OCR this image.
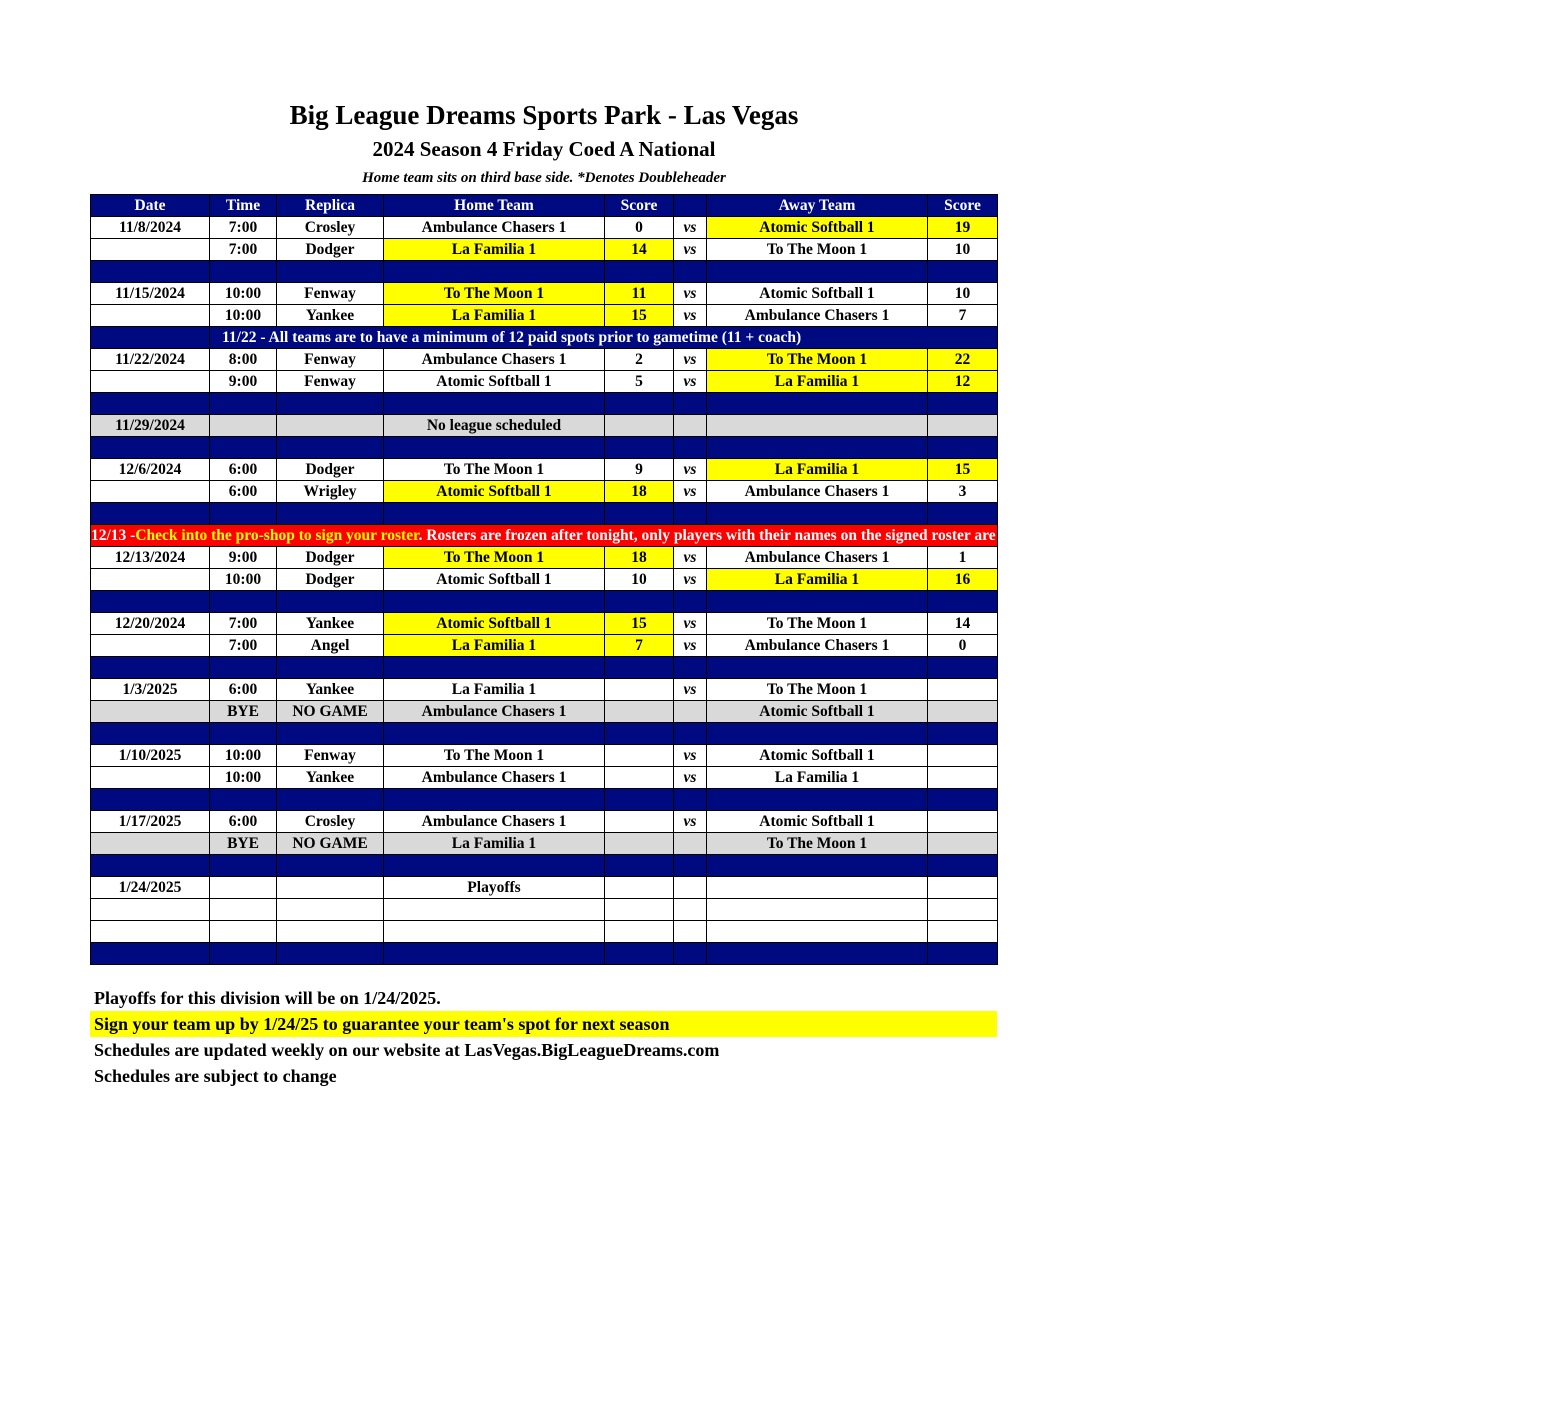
Big League Dreams Sports Park - Las Vegas
2024 Season 4 Friday Coed A National
Home team sits on third base side. *Denotes Doubleheader
Date	Time	Replica	Home Team	Score		Away Team	Score
11/8/2024	7:00	Crosley	Ambulance Chasers 1	0	vs	Atomic Softball 1	19
	7:00	Dodger	La Familia 1	14	vs	To The Moon 1	10

11/15/2024	10:00	Fenway	To The Moon 1	11	vs	Atomic Softball 1	10
	10:00	Yankee	La Familia 1	15	vs	Ambulance Chasers 1	7
	11/22 - All teams are to have a minimum of 12 paid spots prior to gametime (11 + coach)						
11/22/2024	8:00	Fenway	Ambulance Chasers 1	2	vs	To The Moon 1	22
	9:00	Fenway	Atomic Softball 1	5	vs	La Familia 1	12

11/29/2024			No league scheduled				

12/6/2024	6:00	Dodger	To The Moon 1	9	vs	La Familia 1	15
	6:00	Wrigley	Atomic Softball 1	18	vs	Ambulance Chasers 1	3

12/13 -Check into the pro-shop to sign your roster. Rosters are frozen after tonight, only players with their names on the signed roster are eligible for playoffs. Please check carefully as changes will not be made for omissions.							
12/13/2024	9:00	Dodger	To The Moon 1	18	vs	Ambulance Chasers 1	1
	10:00	Dodger	Atomic Softball 1	10	vs	La Familia 1	16

12/20/2024	7:00	Yankee	Atomic Softball 1	15	vs	To The Moon 1	14
	7:00	Angel	La Familia 1	7	vs	Ambulance Chasers 1	0

1/3/2025	6:00	Yankee	La Familia 1		vs	To The Moon 1	
	BYE	NO GAME	Ambulance Chasers 1			Atomic Softball 1	

1/10/2025	10:00	Fenway	To The Moon 1		vs	Atomic Softball 1	
	10:00	Yankee	Ambulance Chasers 1		vs	La Familia 1	

1/17/2025	6:00	Crosley	Ambulance Chasers 1		vs	Atomic Softball 1	
	BYE	NO GAME	La Familia 1			To The Moon 1	

1/24/2025			Playoffs				

Playoffs for this division will be on 1/24/2025.
Sign your team up by 1/24/25 to guarantee your team's spot for next season
Schedules are updated weekly on our website at LasVegas.BigLeagueDreams.com
Schedules are subject to change
